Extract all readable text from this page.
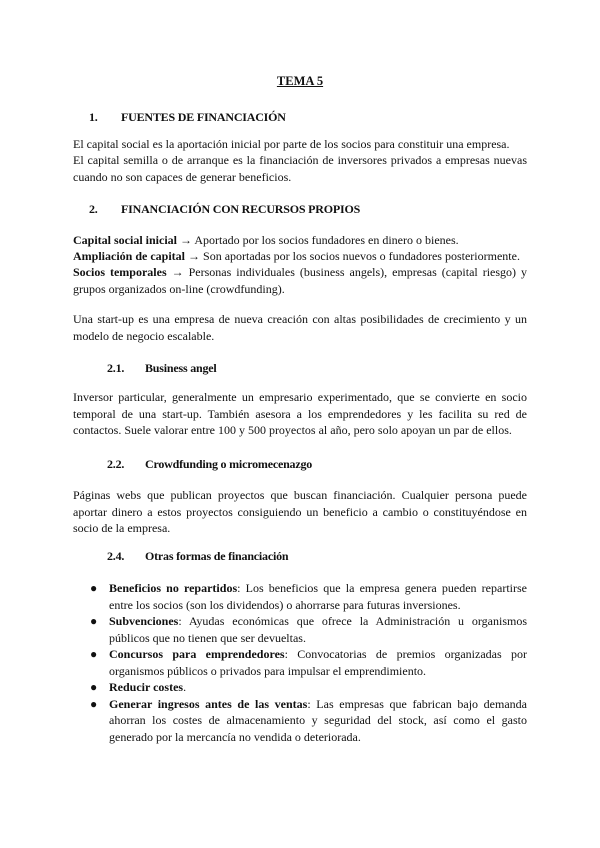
TEMA 5
1. FUENTES DE FINANCIACIÓN
El capital social es la aportación inicial por parte de los socios para constituir una empresa.
El capital semilla o de arranque es la financiación de inversores privados a empresas nuevas cuando no son capaces de generar beneficios.
2. FINANCIACIÓN CON RECURSOS PROPIOS
Capital social inicial → Aportado por los socios fundadores en dinero o bienes.
Ampliación de capital → Son aportadas por los socios nuevos o fundadores posteriormente.
Socios temporales → Personas individuales (business angels), empresas (capital riesgo) y grupos organizados on-line (crowdfunding).
Una start-up es una empresa de nueva creación con altas posibilidades de crecimiento y un modelo de negocio escalable.
2.1. Business angel
Inversor particular, generalmente un empresario experimentado, que se convierte en socio temporal de una start-up. También asesora a los emprendedores y les facilita su red de contactos. Suele valorar entre 100 y 500 proyectos al año, pero solo apoyan un par de ellos.
2.2. Crowdfunding o micromecenazgo
Páginas webs que publican proyectos que buscan financiación. Cualquier persona puede aportar dinero a estos proyectos consiguiendo un beneficio a cambio o constituyéndose en socio de la empresa.
2.4. Otras formas de financiación
● Beneficios no repartidos: Los beneficios que la empresa genera pueden repartirse entre los socios (son los dividendos) o ahorrarse para futuras inversiones.
● Subvenciones: Ayudas económicas que ofrece la Administración u organismos públicos que no tienen que ser devueltas.
● Concursos para emprendedores: Convocatorias de premios organizadas por organismos públicos o privados para impulsar el emprendimiento.
● Reducir costes.
● Generar ingresos antes de las ventas: Las empresas que fabrican bajo demanda ahorran los costes de almacenamiento y seguridad del stock, así como el gasto generado por la mercancía no vendida o deteriorada.
